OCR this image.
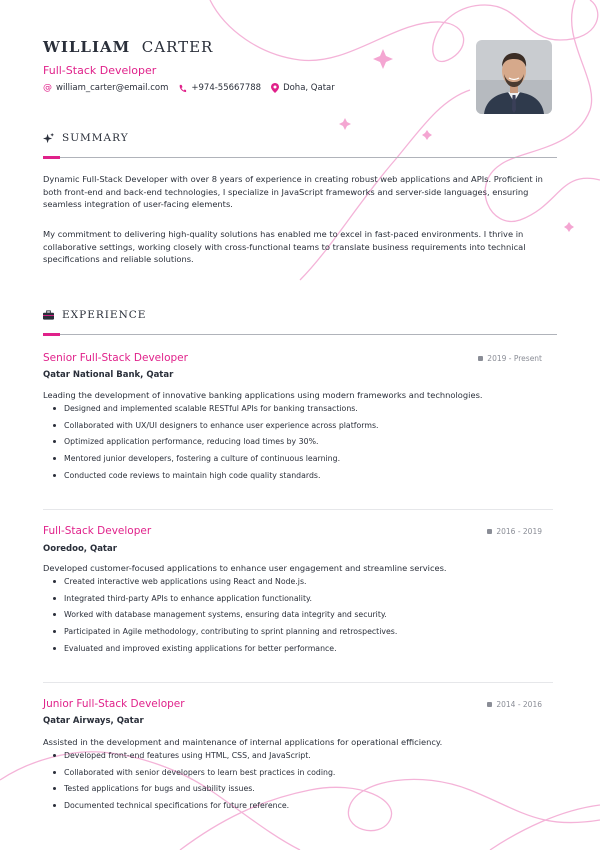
WILLIAM CARTER
Full-Stack Developer
@ william_carter@email.com	+974-55667788	Doha, Qatar
SUMMARY

Dynamic Full-Stack Developer with over 8 years of experience in creating robust web applications and APIs. Proficient in both front-end and back-end technologies, I specialize in JavaScript frameworks and server-side languages, ensuring seamless integration of user-facing elements.

My commitment to delivering high-quality solutions has enabled me to excel in fast-paced environments. I thrive in collaborative settings, working closely with cross-functional teams to translate business requirements into technical specifications and reliable solutions.

EXPERIENCE
Senior Full-Stack Developer	2019 - Present
Qatar National Bank, Qatar
Leading the development of innovative banking applications using modern frameworks and technologies.
Designed and implemented scalable RESTful APIs for banking transactions.
Collaborated with UX/UI designers to enhance user experience across platforms.
Optimized application performance, reducing load times by 30%.
Mentored junior developers, fostering a culture of continuous learning.
Conducted code reviews to maintain high code quality standards.
Full-Stack Developer	2016 - 2019
Ooredoo, Qatar
Developed customer-focused applications to enhance user engagement and streamline services.
Created interactive web applications using React and Node.js.
Integrated third-party APIs to enhance application functionality.
Worked with database management systems, ensuring data integrity and security.
Participated in Agile methodology, contributing to sprint planning and retrospectives.
Evaluated and improved existing applications for better performance.
Junior Full-Stack Developer	2014 - 2016
Qatar Airways, Qatar
Assisted in the development and maintenance of internal applications for operational efficiency.
Developed front-end features using HTML, CSS, and JavaScript.
Collaborated with senior developers to learn best practices in coding.
Tested applications for bugs and usability issues.
Documented technical specifications for future reference.
